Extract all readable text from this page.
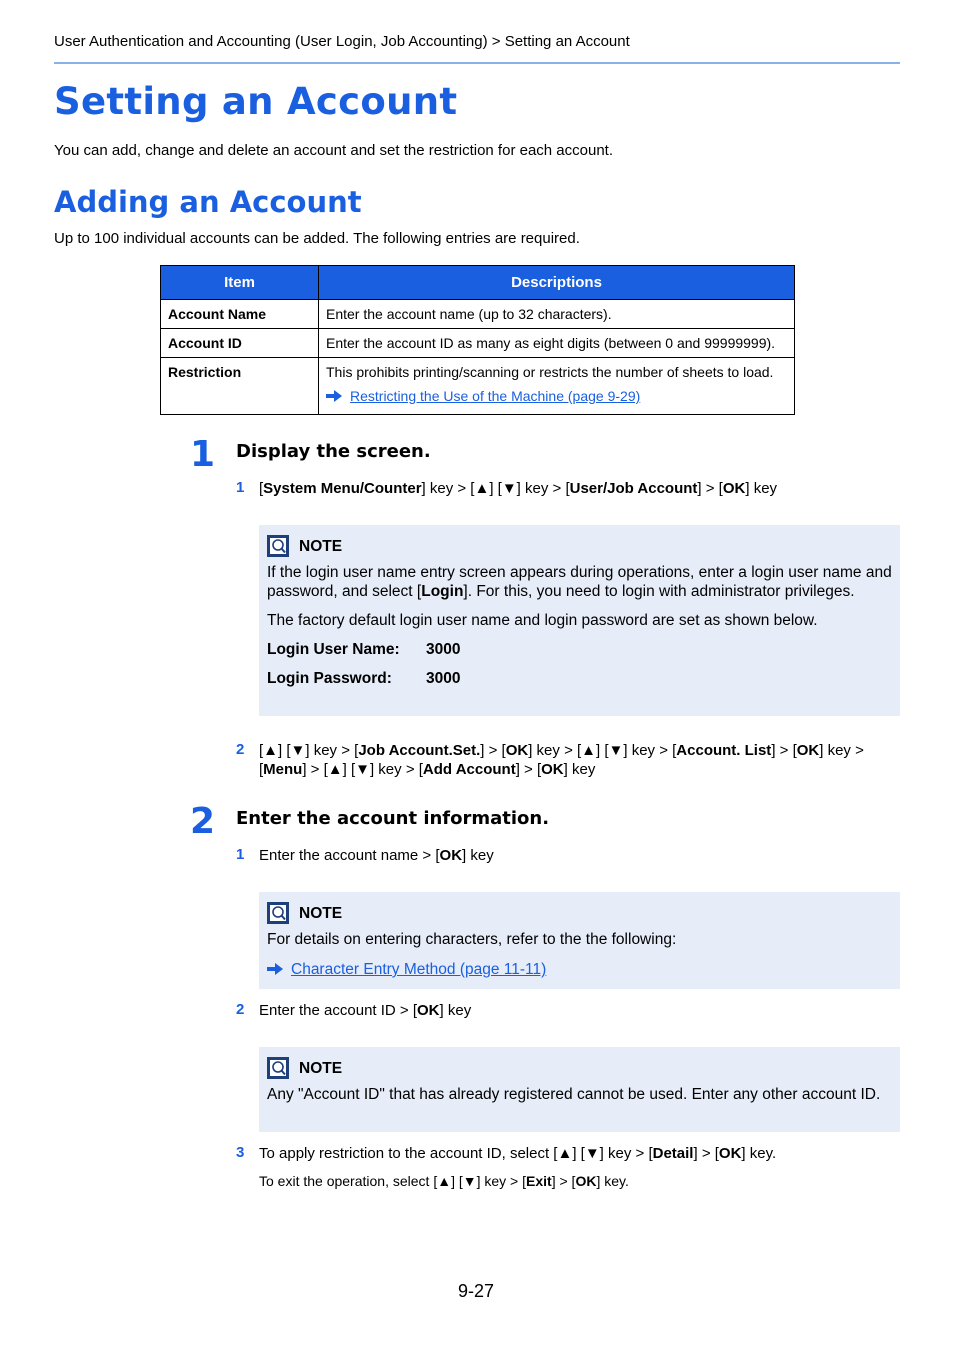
User Authentication and Accounting (User Login, Job Accounting) > Setting an Account
Setting an Account
You can add, change and delete an account and set the restriction for each account.
Adding an Account
Up to 100 individual accounts can be added. The following entries are required.
Item	Descriptions
Account Name	Enter the account name (up to 32 characters).
Account ID	Enter the account ID as many as eight digits (between 0 and 99999999).
Restriction	This prohibits printing/scanning or restricts the number of sheets to load.
Restricting the Use of the Machine (page 9-29)
1 Display the screen.
1 [System Menu/Counter] key > [▲] [▼] key > [User/Job Account] > [OK] key
NOTE

If the login user name entry screen appears during operations, enter a login user name and password, and select [Login]. For this, you need to login with administrator privileges.

The factory default login user name and login password are set as shown below.

Login User Name:	3000
Login Password:	3000
2 [▲] [▼] key > [Job Account.Set.] > [OK] key > [▲] [▼] key > [Account. List] > [OK] key >
[Menu] > [▲] [▼] key > [Add Account] > [OK] key
2 Enter the account information.
1 Enter the account name > [OK] key
NOTE

For details on entering characters, refer to the the following:

Character Entry Method (page 11-11)
2 Enter the account ID > [OK] key
NOTE

Any "Account ID" that has already registered cannot be used. Enter any other account ID.

3 To apply restriction to the account ID, select [▲] [▼] key > [Detail] > [OK] key.
To exit the operation, select [▲] [▼] key > [Exit] > [OK] key.
9-27
